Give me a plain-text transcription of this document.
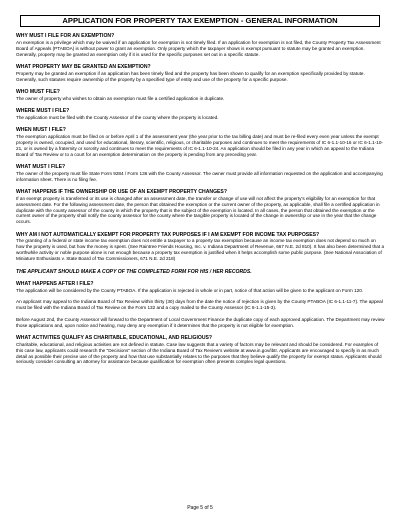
APPLICATION FOR PROPERTY TAX EXEMPTION - GENERAL INFORMATION
WHY MUST I FILE FOR AN EXEMPTION?
An exemption is a privilege which may be waived if an application for exemption is not timely filed. If an application for exemption is not filed, the County Property Tax Assessment Board of Appeals (PTABOA) is without power to grant an exemption. Only property which the taxpayer shows is exempt pursuant to statute may be granted an exemption. Generally, property may be granted an exemption only if it is used for the specific purposes set out in a specific statute.
WHAT PROPERTY MAY BE GRANTED AN EXEMPTION?
Property may be granted an exemption if an application has been timely filed and the property has been shown to qualify for an exemption specifically provided by statute. Generally, such statutes require ownership of the property by a specified type of entity and use of the property for a specific purpose.
WHO MUST FILE?
The owner of property who wishes to obtain an exemption must file a certified application in duplicate.
WHERE MUST I FILE?
The application must be filed with the County Assessor of the county where the property is located.
WHEN MUST I FILE?
The exemption application must be filed on or before April 1 of the assessment year (the year prior to the tax billing date) and must be re-filed every even year unless the exempt property is owned, occupied, and used for educational, literary, scientific, religious, or charitable purposes and continues to meet the requirements of IC 6-1.1-10-16 or IC 6-1.1-10-21, or is owned by a fraternity or sorority and continues to meet the requirements of IC 6-1.1-10-24. An application should be filed in any year in which an appeal to the Indiana Board of Tax Review or to a court for an exemption determination on the property is pending from any preceding year.
WHAT MUST I FILE?
The owner of the property must file State Form 9284 / Form 136 with the County Assessor. The owner must provide all information requested on the application and accompanying information sheet. There is no filing fee.
WHAT HAPPENS IF THE OWNERSHIP OR USE OF AN EXEMPT PROPERTY CHANGES?
If an exempt property is transferred or its use is changed after an assessment date, the transfer or change of use will not affect the property's eligibility for an exemption for that assessment date. For the following assessment date, the person that obtained the exemption or the current owner of the property, as applicable, shall file a certified application in duplicate with the county assessor of the county in which the property that is the subject of the exemption is located. In all cases, the person that obtained the exemption or the current owner of the property shall notify the county assessor for the county where the tangible property is located of the change in ownership or use in the year that the change occurs.
WHY AM I NOT AUTOMATICALLY EXEMPT FOR PROPERTY TAX PURPOSES IF I AM EXEMPT FOR INCOME TAX PURPOSES?
The granting of a federal or state income tax exemption does not entitle a taxpayer to a property tax exemption because an income tax exemption does not depend so much on how the property is used, but how the money is spent. (See Raintree Friends Housing, Inc. v. Indiana Department of Revenue, 667 N.E. 2d 810). It has also been determined that a worthwhile activity or noble purpose alone is not enough because a property tax exemption is justified when it helps accomplish some public purpose. (See National Association of Miniature Enthusiasts v. State Board of Tax Commissioners, 671 N.E. 2d 218)
THE APPLICANT SHOULD MAKE A COPY OF THE COMPLETED FORM FOR HIS / HER RECORDS.
WHAT HAPPENS AFTER I FILE?
The application will be considered by the County PTABOA. If the application is rejected in whole or in part, notice of that action will be given to the applicant on Form 120.
An applicant may appeal to the Indiana Board of Tax Review within thirty (30) days from the date the notice of rejection is given by the County PTABOA (IC 6-1.1-11-7). The appeal must be filed with the Indiana Board of Tax Review on the Form 132 and a copy mailed to the County Assessor (IC 6-1.1-15-3).
Before August 2nd, the County Assessor will forward to the Department of Local Government Finance the duplicate copy of each approved application. The Department may review those applications and, upon notice and hearing, may deny any exemption if it determines that the property is not eligible for exemption.
WHAT ACTIVITIES QUALIFY AS CHARITABLE, EDUCATIONAL, AND RELIGIOUS?
Charitable, educational, and religious activities are not defined in statute. Case law suggests that a variety of factors may be relevant and should be considered. For examples of this case law, applicants could research the "Decisions" section of the Indiana Board of Tax Review's website at www.in.gov/ibtr. Applicants are encouraged to specify in as much detail as possible their precise use of the property and how that use substantially relates to the purposes that they believe qualify the property for exempt status. Applicants should seriously consider consulting an attorney for assistance because qualification for exemption often presents complex legal questions.
Page 5 of 5
